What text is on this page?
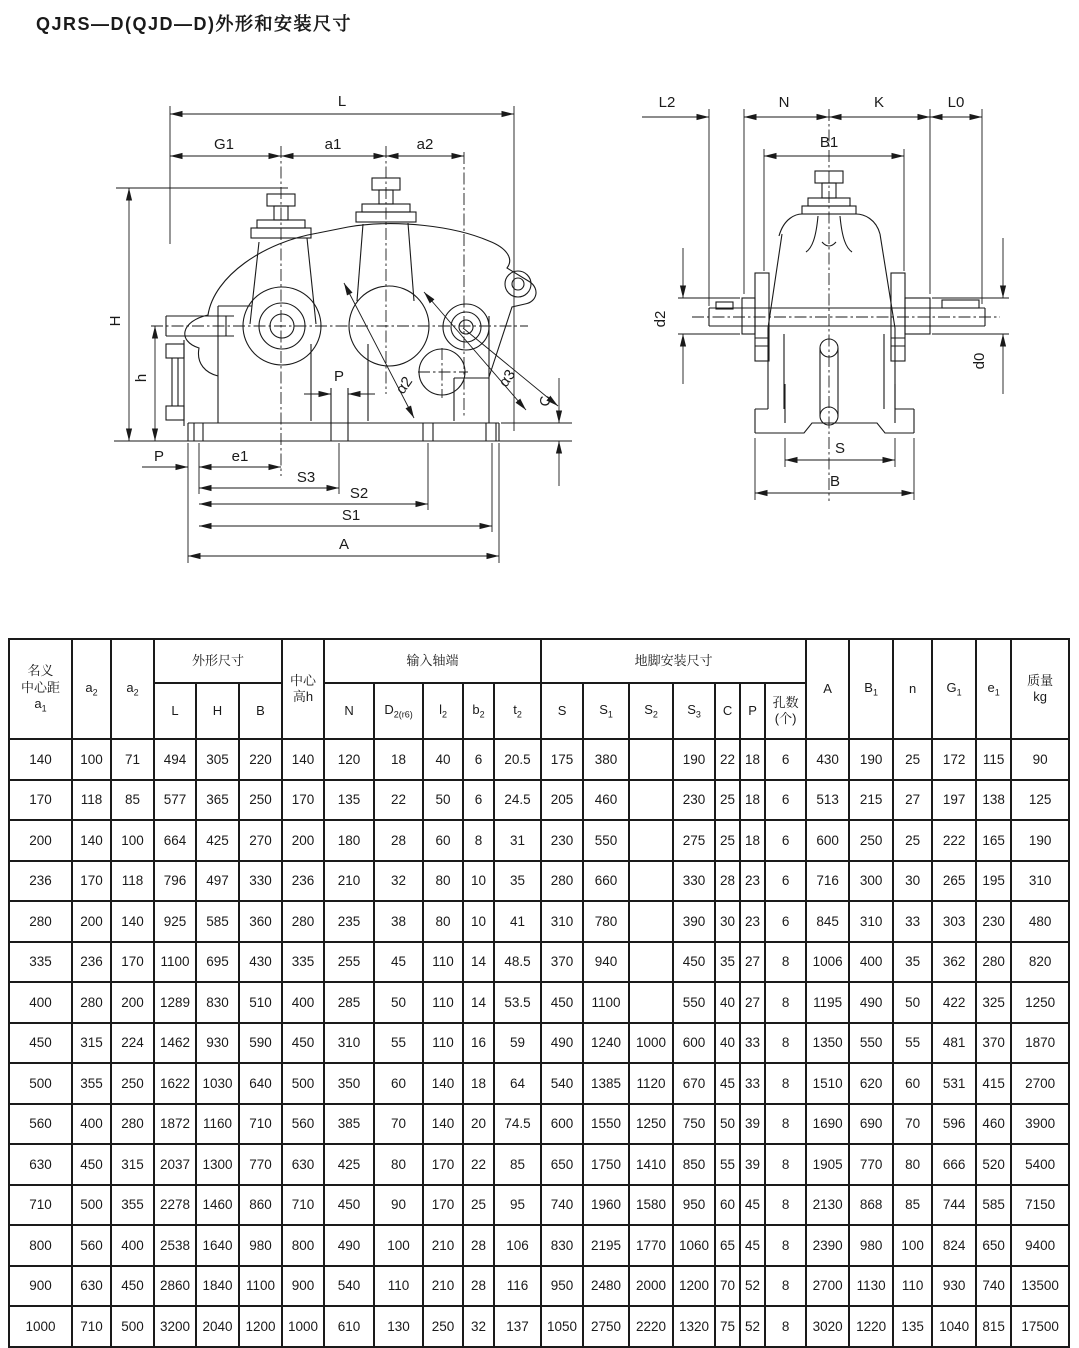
QJRS—D(QJD—D)外形和安装尺寸
L
G1	a1	a2
H
h
C
P
P	e1
S3
S2
S1
A
α2	α3
L2	N	K	L0
B1
d2
d0
S
B
名义
中心距
$a_1$	$a_2$	$a_2$	外形尺寸			中心
高h	输入轴端					地脚安装尺寸							A	$B_1$	n	$G_1$	$e_1$	质量
kg

			L	H	B		N	$D_{2(r6)}$	$l_2$	$b_2$	$t_2$	S	$S_1$	$S_2$	$S_3$	C	P	孔数
(个)						

140	100	71	494	305	220	140	120	18	40	6	20.5	175	380		190	22	18	6	430	190	25	172	115	90
170	118	85	577	365	250	170	135	22	50	6	24.5	205	460		230	25	18	6	513	215	27	197	138	125
200	140	100	664	425	270	200	180	28	60	8	31	230	550		275	25	18	6	600	250	25	222	165	190
236	170	118	796	497	330	236	210	32	80	10	35	280	660		330	28	23	6	716	300	30	265	195	310
280	200	140	925	585	360	280	235	38	80	10	41	310	780		390	30	23	6	845	310	33	303	230	480
335	236	170	1100	695	430	335	255	45	110	14	48.5	370	940		450	35	27	8	1006	400	35	362	280	820
400	280	200	1289	830	510	400	285	50	110	14	53.5	450	1100		550	40	27	8	1195	490	50	422	325	1250
450	315	224	1462	930	590	450	310	55	110	16	59	490	1240	1000	600	40	33	8	1350	550	55	481	370	1870
500	355	250	1622	1030	640	500	350	60	140	18	64	540	1385	1120	670	45	33	8	1510	620	60	531	415	2700
560	400	280	1872	1160	710	560	385	70	140	20	74.5	600	1550	1250	750	50	39	8	1690	690	70	596	460	3900
630	450	315	2037	1300	770	630	425	80	170	22	85	650	1750	1410	850	55	39	8	1905	770	80	666	520	5400
710	500	355	2278	1460	860	710	450	90	170	25	95	740	1960	1580	950	60	45	8	2130	868	85	744	585	7150
800	560	400	2538	1640	980	800	490	100	210	28	106	830	2195	1770	1060	65	45	8	2390	980	100	824	650	9400
900	630	450	2860	1840	1100	900	540	110	210	28	116	950	2480	2000	1200	70	52	8	2700	1130	110	930	740	13500
1000	710	500	3200	2040	1200	1000	610	130	250	32	137	1050	2750	2220	1320	75	52	8	3020	1220	135	1040	815	17500
